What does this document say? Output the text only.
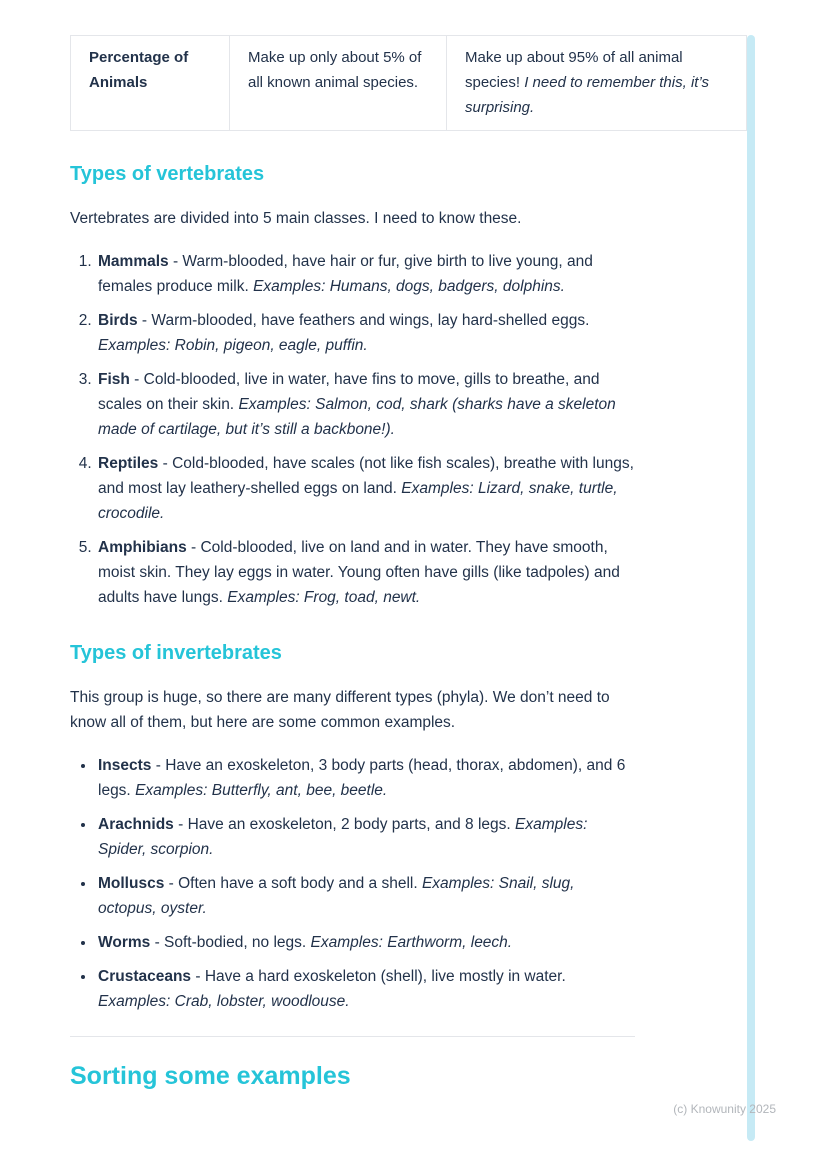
Percentage of Animals	Make up only about 5% of all known animal species.	Make up about 95% of all animal species! I need to remember this, it’s surprising.
Types of vertebrates

Vertebrates are divided into 5 main classes. I need to know these.

1. Mammals - Warm-blooded, have hair or fur, give birth to live young, and females produce milk. Examples: Humans, dogs, badgers, dolphins.
2. Birds - Warm-blooded, have feathers and wings, lay hard-shelled eggs. Examples: Robin, pigeon, eagle, puffin.
3. Fish - Cold-blooded, live in water, have fins to move, gills to breathe, and scales on their skin. Examples: Salmon, cod, shark (sharks have a skeleton made of cartilage, but it’s still a backbone!).
4. Reptiles - Cold-blooded, have scales (not like fish scales), breathe with lungs, and most lay leathery-shelled eggs on land. Examples: Lizard, snake, turtle, crocodile.
5. Amphibians - Cold-blooded, live on land and in water. They have smooth, moist skin. They lay eggs in water. Young often have gills (like tadpoles) and adults have lungs. Examples: Frog, toad, newt.
Types of invertebrates

This group is huge, so there are many different types (phyla). We don’t need to know all of them, but here are some common examples.

• Insects - Have an exoskeleton, 3 body parts (head, thorax, abdomen), and 6 legs. Examples: Butterfly, ant, bee, beetle.
• Arachnids - Have an exoskeleton, 2 body parts, and 8 legs. Examples: Spider, scorpion.
• Molluscs - Often have a soft body and a shell. Examples: Snail, slug, octopus, oyster.
• Worms - Soft-bodied, no legs. Examples: Earthworm, leech.
• Crustaceans - Have a hard exoskeleton (shell), live mostly in water. Examples: Crab, lobster, woodlouse.
Sorting some examples
(c) Knowunity 2025
